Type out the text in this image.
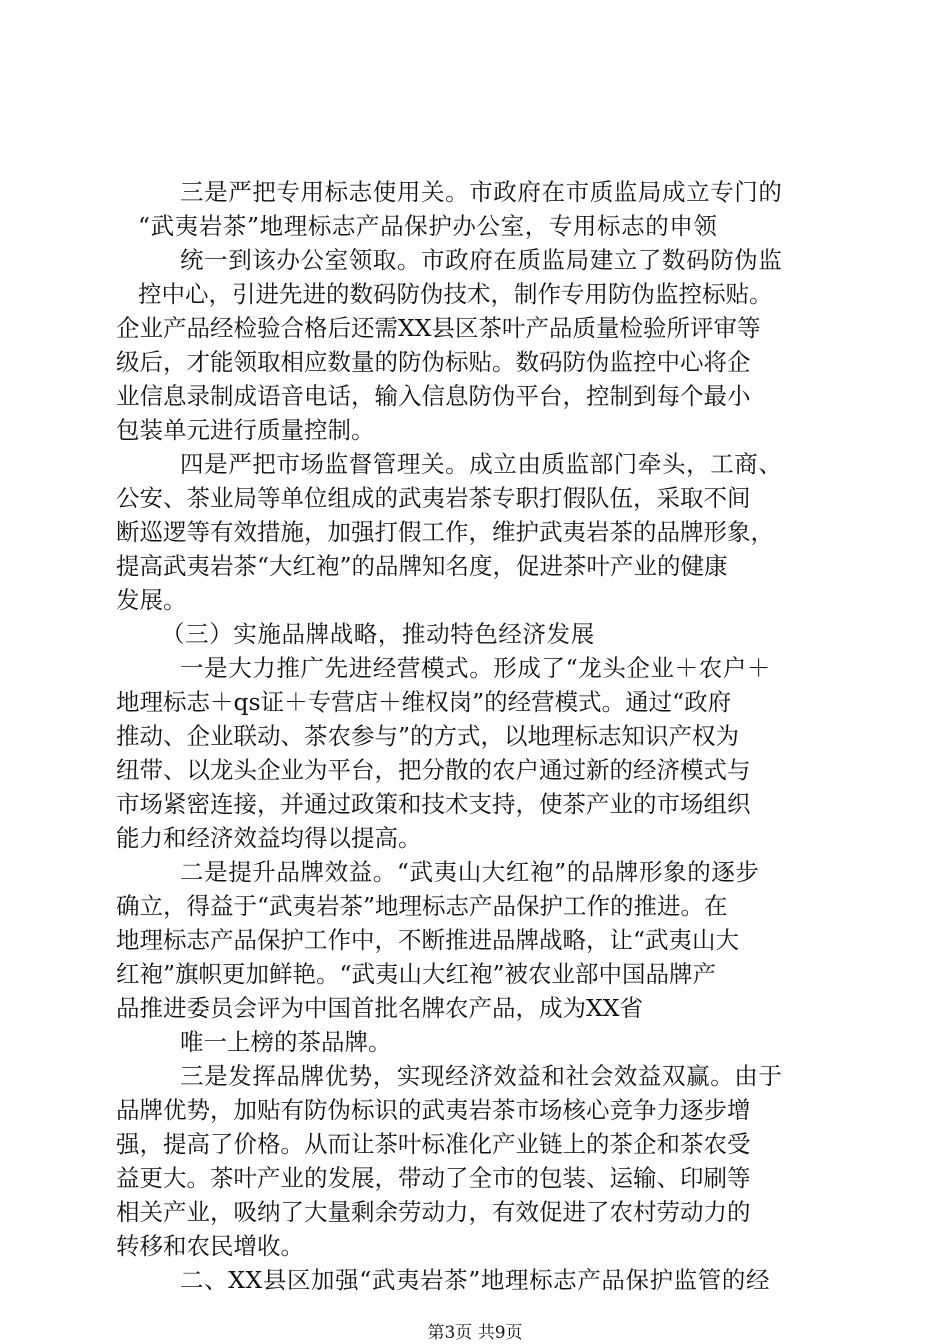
三是严把专用标志使用关。市政府在市质监局成立专门的
“武夷岩茶”地理标志产品保护办公室，专用标志的申领
统一到该办公室领取。市政府在质监局建立了数码防伪监
控中心，引进先进的数码防伪技术，制作专用防伪监控标贴。
企业产品经检验合格后还需XX县区茶叶产品质量检验所评审等
级后，才能领取相应数量的防伪标贴。数码防伪监控中心将企
业信息录制成语音电话，输入信息防伪平台，控制到每个最小
包装单元进行质量控制。
四是严把市场监督管理关。成立由质监部门牵头，工商、
公安、茶业局等单位组成的武夷岩茶专职打假队伍，采取不间
断巡逻等有效措施，加强打假工作，维护武夷岩茶的品牌形象，
提高武夷岩茶“大红袍”的品牌知名度，促进茶叶产业的健康
发展。
（三）实施品牌战略，推动特色经济发展
一是大力推广先进经营模式。形成了“龙头企业＋农户＋
地理标志＋qs证＋专营店＋维权岗”的经营模式。通过“政府
推动、企业联动、茶农参与”的方式，以地理标志知识产权为
纽带、以龙头企业为平台，把分散的农户通过新的经济模式与
市场紧密连接，并通过政策和技术支持，使茶产业的市场组织
能力和经济效益均得以提高。
二是提升品牌效益。“武夷山大红袍”的品牌形象的逐步
确立，得益于“武夷岩茶”地理标志产品保护工作的推进。在
地理标志产品保护工作中，不断推进品牌战略，让“武夷山大
红袍”旗帜更加鲜艳。“武夷山大红袍”被农业部中国品牌产
品推进委员会评为中国首批名牌农产品，成为XX省
唯一上榜的茶品牌。
三是发挥品牌优势，实现经济效益和社会效益双赢。由于
品牌优势，加贴有防伪标识的武夷岩茶市场核心竞争力逐步增
强，提高了价格。从而让茶叶标准化产业链上的茶企和茶农受
益更大。茶叶产业的发展，带动了全市的包装、运输、印刷等
相关产业，吸纳了大量剩余劳动力，有效促进了农村劳动力的
转移和农民增收。
二、XX县区加强“武夷岩茶”地理标志产品保护监管的经
第3页 共9页
